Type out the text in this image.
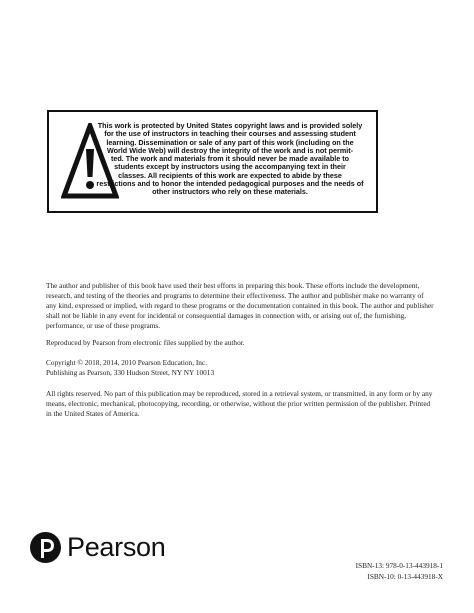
This work is protected by United States copyright laws and is provided solely
for the use of instructors in teaching their courses and assessing student
learning. Dissemination or sale of any part of this work (including on the
World Wide Web) will destroy the integrity of the work and is not permit-
ted. The work and materials from it should never be made available to
students except by instructors using the accompanying text in their
classes. All recipients of this work are expected to abide by these
restrictions and to honor the intended pedagogical purposes and the needs of
other instructors who rely on these materials.

The author and publisher of this book have used their best efforts in preparing this book. These efforts include the development, research, and testing of the theories and programs to determine their effectiveness. The author and publisher make no warranty of any kind, expressed or implied, with regard to these programs or the documentation contained in this book. The author and publisher shall not be liable in any event for incidental or consequential damages in connection with, or arising out of, the furnishing, performance, or use of these programs.

Reproduced by Pearson from electronic files supplied by the author.

Copyright © 2018, 2014, 2010 Pearson Education, Inc.

Publishing as Pearson, 330 Hudson Street, NY NY 10013

All rights reserved. No part of this publication may be reproduced, stored in a retrieval system, or transmitted, in any form or by any means, electronic, mechanical, photocopying, recording, or otherwise, without the prior written permission of the publisher. Printed in the United States of America.

Pearson
ISBN-13: 978-0-13-443918-1
ISBN-10: 0-13-443918-X
